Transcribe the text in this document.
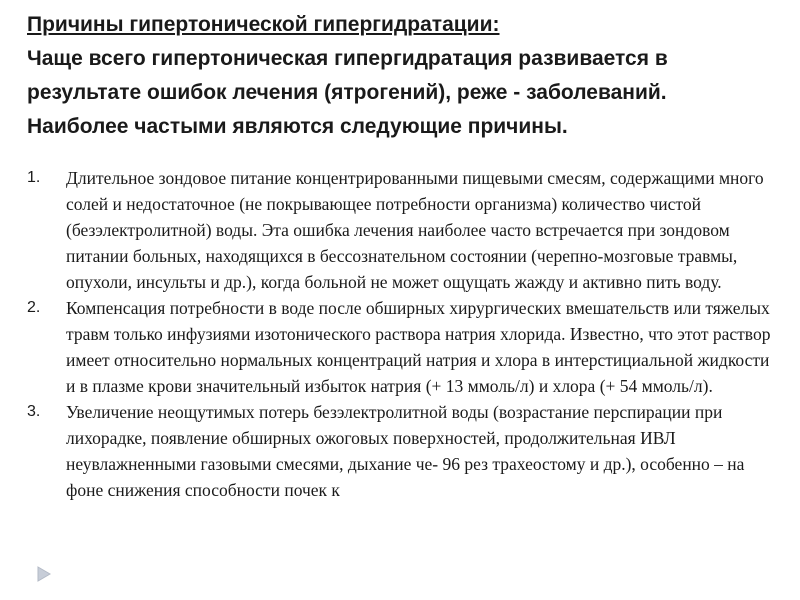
Причины гипертонической гипергидратации:
Чаще всего гипертоническая гипергидратация развивается в результате ошибок лечения (ятрогений), реже - заболеваний. Наиболее частыми являются следующие причины.
1. Длительное зондовое питание концентрированными пищевыми смесям, содержащими много солей и недостаточное (не покрывающее потребности организма) количество чистой (безэлектролитной) воды. Эта ошибка лечения наиболее часто встречается при зондовом питании больных, находящихся в бессознательном состоянии (черепно-мозговые травмы, опухоли, инсульты и др.), когда больной не может ощущать жажду и активно пить воду.
2. Компенсация потребности в воде после обширных хирургических вмешательств или тяжелых травм только инфузиями изотонического раствора натрия хлорида. Известно, что этот раствор имеет относительно нормальных концентраций натрия и хлора в интерстициальной жидкости и в плазме крови значительный избыток натрия (+ 13 ммоль/л) и хлора (+ 54 ммоль/л).
3. Увеличение неощутимых потерь безэлектролитной воды (возрастание перспирации при лихорадке, появление обширных ожоговых поверхностей, продолжительная ИВЛ неувлажненными газовыми смесями, дыхание че- 96 рез трахеостому и др.), особенно – на фоне снижения способности почек к
